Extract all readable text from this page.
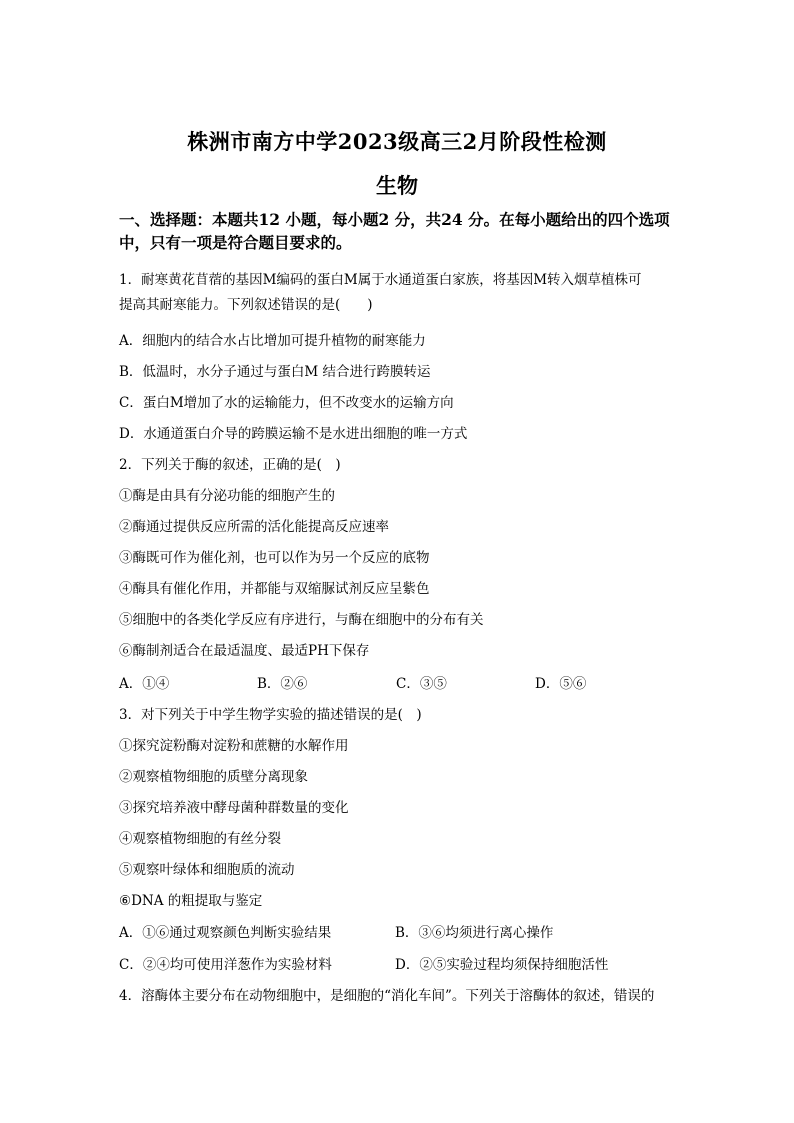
株洲市南方中学2023级高三2月阶段性检测
生物
一、选择题：本题共12 小题，每小题2 分，共24 分。在每小题给出的四个选项中，只有一项是符合题目要求的。
1．耐寒黄花苜蓿的基因M编码的蛋白M属于水通道蛋白家族，将基因M转入烟草植株可
提高其耐寒能力。下列叙述错误的是(　　)
A．细胞内的结合水占比增加可提升植物的耐寒能力
B．低温时，水分子通过与蛋白M 结合进行跨膜转运
C．蛋白M增加了水的运输能力，但不改变水的运输方向
D．水通道蛋白介导的跨膜运输不是水进出细胞的唯一方式
2．下列关于酶的叙述，正确的是(　)
①酶是由具有分泌功能的细胞产生的
②酶通过提供反应所需的活化能提高反应速率
③酶既可作为催化剂，也可以作为另一个反应的底物
④酶具有催化作用，并都能与双缩脲试剂反应呈紫色
⑤细胞中的各类化学反应有序进行，与酶在细胞中的分布有关
⑥酶制剂适合在最适温度、最适PH下保存
A．①④	B．②⑥	C．③⑤	D．⑤⑥
3．对下列关于中学生物学实验的描述错误的是(　)
①探究淀粉酶对淀粉和蔗糖的水解作用
②观察植物细胞的质壁分离现象
③探究培养液中酵母菌种群数量的变化
④观察植物细胞的有丝分裂
⑤观察叶绿体和细胞质的流动
⑥DNA 的粗提取与鉴定
A．①⑥通过观察颜色判断实验结果	B．③⑥均须进行离心操作
C．②④均可使用洋葱作为实验材料	D．②⑤实验过程均须保持细胞活性
4．溶酶体主要分布在动物细胞中，是细胞的“消化车间”。下列关于溶酶体的叙述，错误的
